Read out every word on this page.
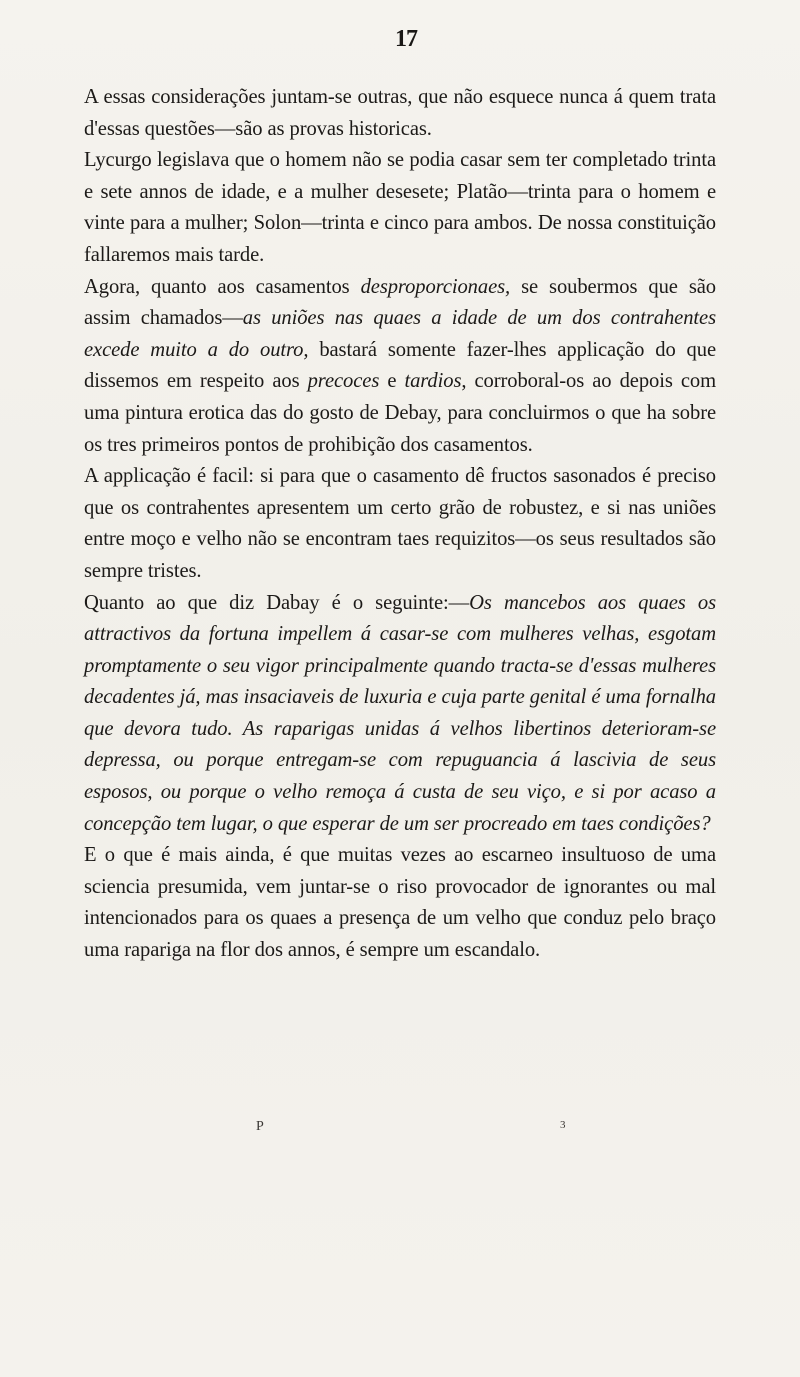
17

A essas considerações juntam-se outras, que não esquece nunca á quem trata d'essas questões—são as provas historicas.

Lycurgo legislava que o homem não se podia casar sem ter completado trinta e sete annos de idade, e a mulher desesete; Platão—trinta para o homem e vinte para a mulher; Solon—trinta e cinco para ambos. De nossa constituição fallaremos mais tarde.

Agora, quanto aos casamentos desproporcionaes, se soubermos que são assim chamados—as uniões nas quaes a idade de um dos contrahentes excede muito a do outro, bastará somente fazer-lhes applicação do que dissemos em respeito aos precoces e tardios, corroboral-os ao depois com uma pintura erotica das do gosto de Debay, para concluirmos o que ha sobre os tres primeiros pontos de prohibição dos casamentos.

A applicação é facil: si para que o casamento dê fructos sasonados é preciso que os contrahentes apresentem um certo grão de robustez, e si nas uniões entre moço e velho não se encontram taes requizitos—os seus resultados são sempre tristes.

Quanto ao que diz Dabay é o seguinte:—Os mancebos aos quaes os attractivos da fortuna impellem á casar-se com mulheres velhas, esgotam promptamente o seu vigor principalmente quando tracta-se d'essas mulheres decadentes já, mas insaciaveis de luxuria e cuja parte genital é uma fornalha que devora tudo. As raparigas unidas á velhos libertinos deterioram-se depressa, ou porque entregam-se com repuguancia á lascivia de seus esposos, ou porque o velho remoça á custa de seu viço, e si por acaso a concepção tem lugar, o que esperar de um ser procreado em taes condições?

E o que é mais ainda, é que muitas vezes ao escarneo insultuoso de uma sciencia presumida, vem juntar-se o riso provocador de ignorantes ou mal intencionados para os quaes a presença de um velho que conduz pelo braço uma rapariga na flor dos annos, é sempre um escandalo.

P	3
